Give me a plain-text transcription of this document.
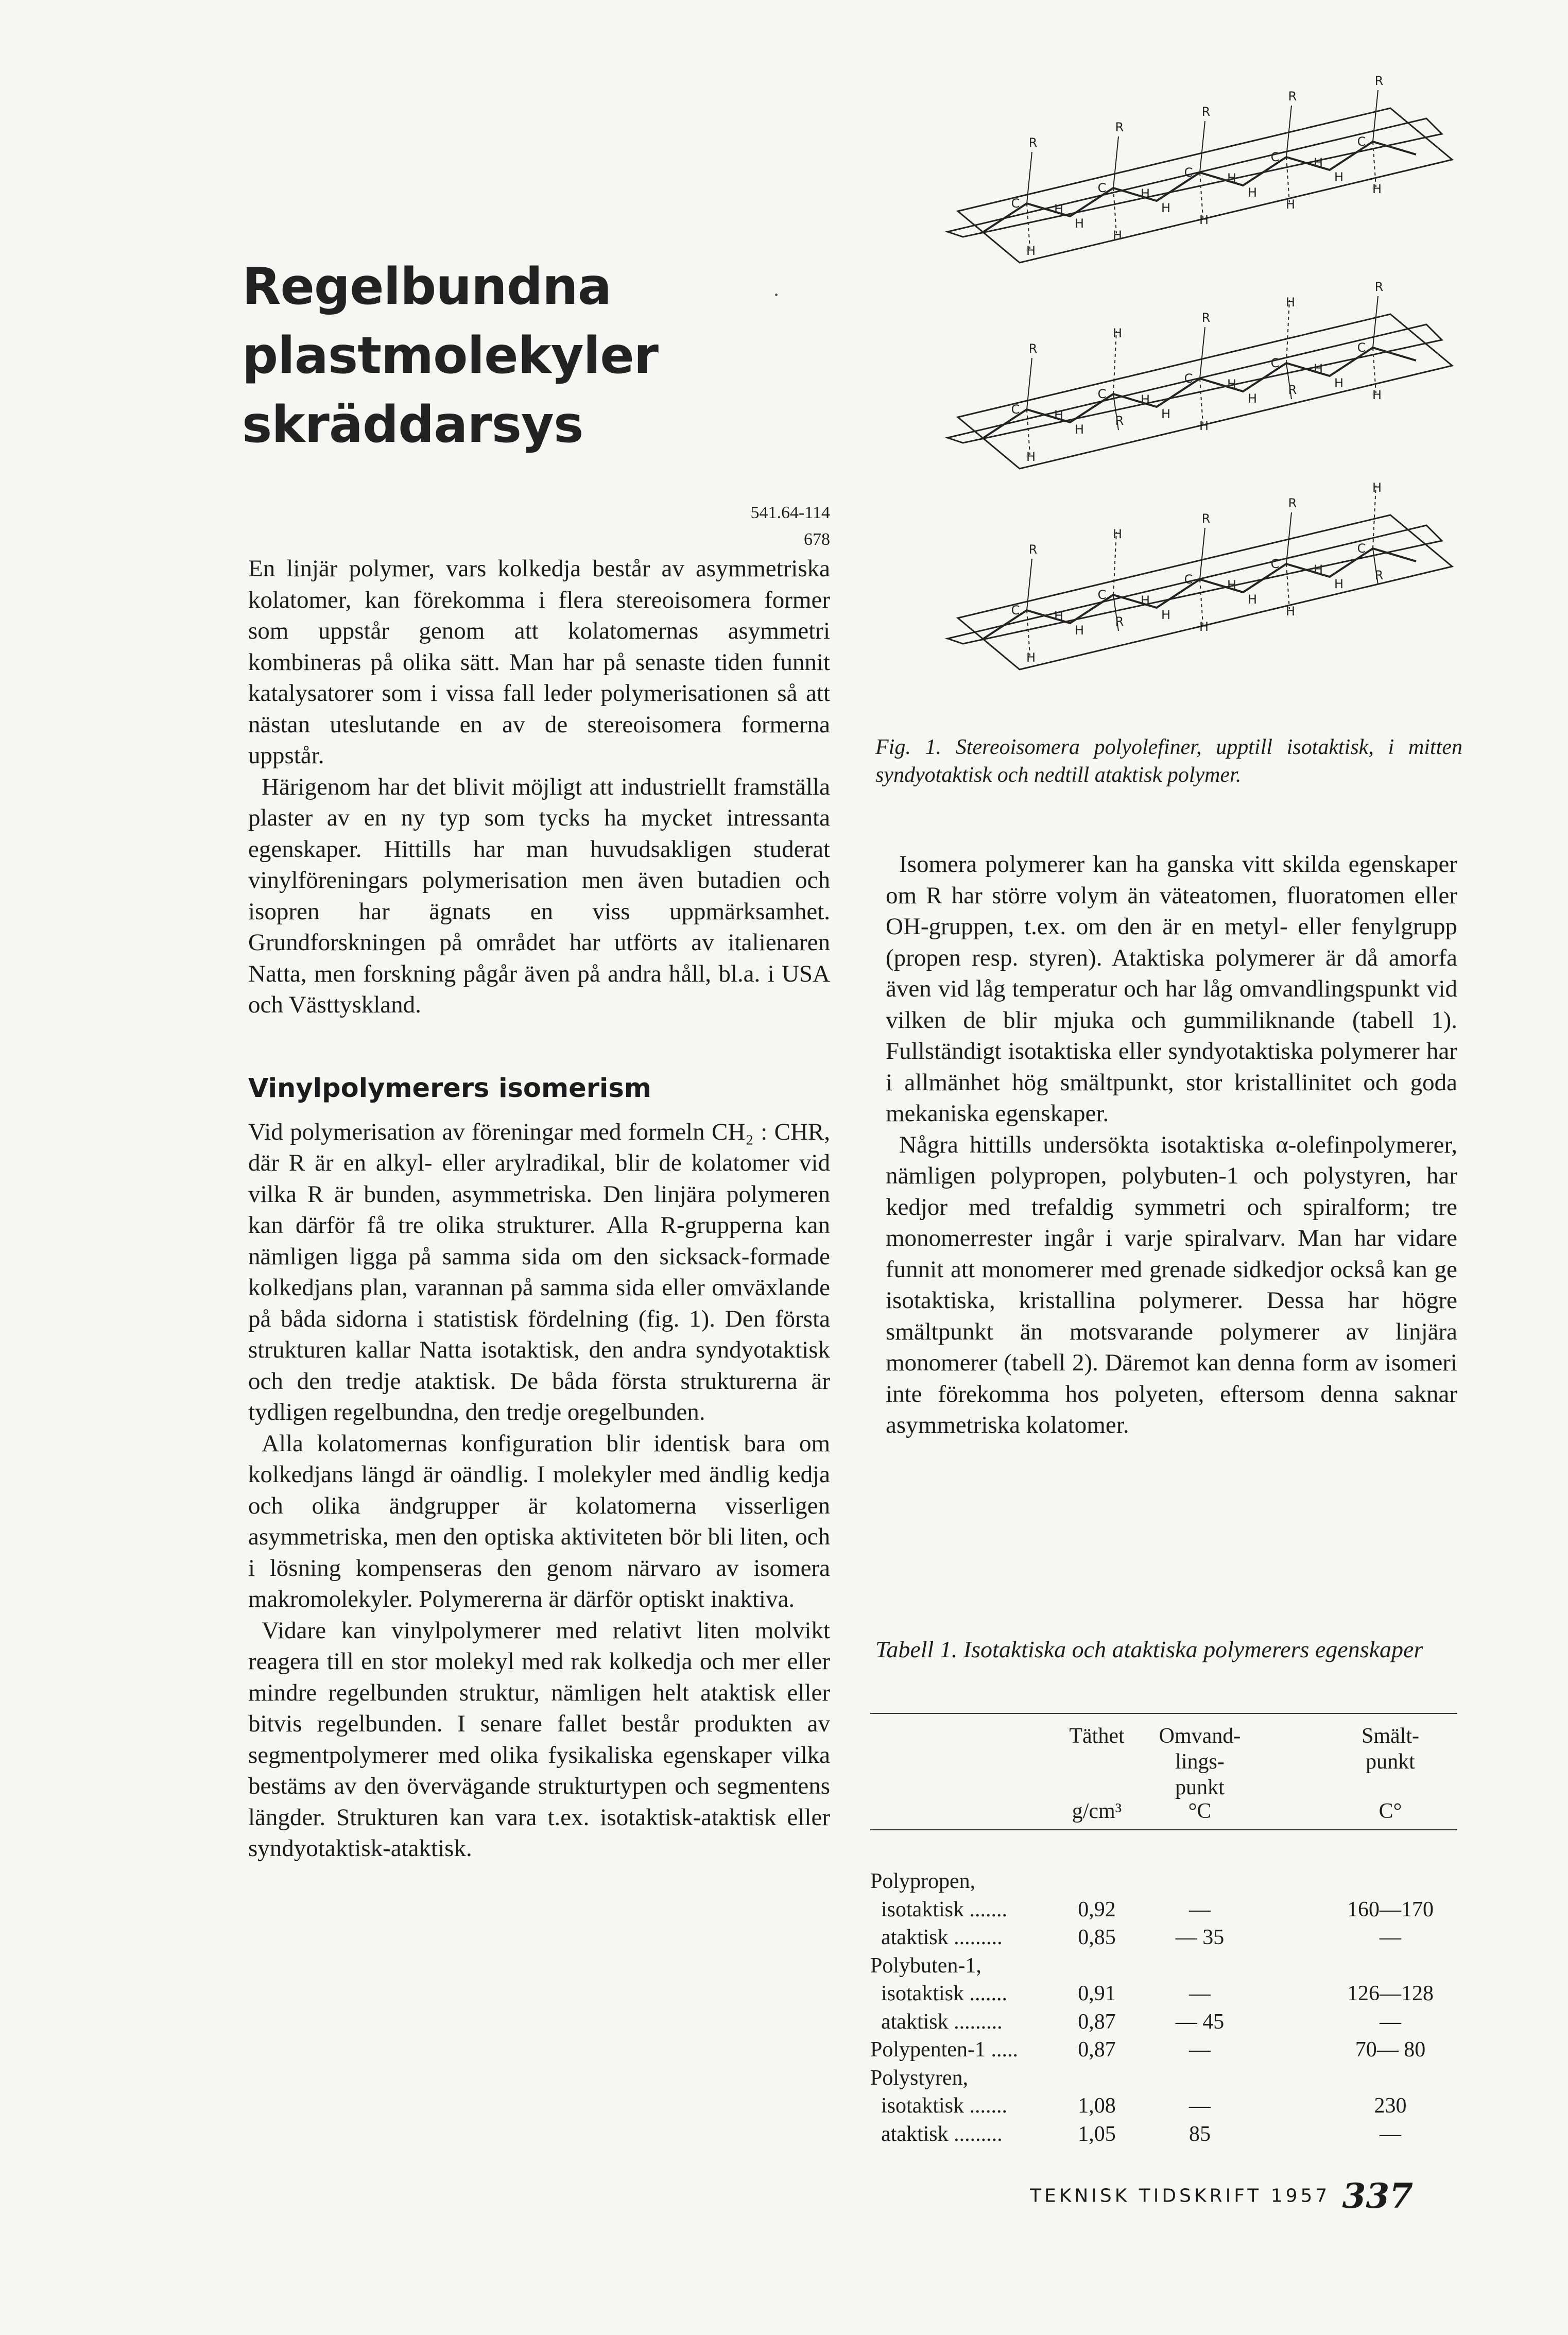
Regelbundna
plastmolekyler
skräddarsys
541.64-114
678

En linjär polymer, vars kolkedja består av asymmetriska kolatomer, kan förekomma i flera stereoisomera former som uppstår genom att kolatomernas asymmetri kombineras på olika sätt. Man har på senaste tiden funnit katalysatorer som i vissa fall leder polymerisationen så att nästan uteslutande en av de stereoisomera formerna uppstår.

Härigenom har det blivit möjligt att industriellt framställa plaster av en ny typ som tycks ha mycket intressanta egenskaper. Hittills har man huvudsakligen studerat vinylföreningars polymerisation men även butadien och isopren har ägnats en viss uppmärksamhet. Grundforskningen på området har utförts av italienaren Natta, men forskning pågår även på andra håll, bl.a. i USA och Västtyskland.

Vinylpolymerers isomerism

Vid polymerisation av föreningar med formeln CH₂ : CHR, där R är en alkyl- eller arylradikal, blir de kolatomer vid vilka R är bunden, asymmetriska. Den linjära polymeren kan därför få tre olika strukturer. Alla R-grupperna kan nämligen ligga på samma sida om den sicksack-formade kolkedjans plan, varannan på samma sida eller omväxlande på båda sidorna i statistisk fördelning (fig. 1). Den första strukturen kallar Natta isotaktisk, den andra syndyotaktisk och den tredje ataktisk. De båda första strukturerna är tydligen regelbundna, den tredje oregelbunden.

Alla kolatomernas konfiguration blir identisk bara om kolkedjans längd är oändlig. I molekyler med ändlig kedja och olika ändgrupper är kolatomerna visserligen asymmetriska, men den optiska aktiviteten bör bli liten, och i lösning kompenseras den genom närvaro av isomera makromolekyler. Polymererna är därför optiskt inaktiva.

Vidare kan vinylpolymerer med relativt liten molvikt reagera till en stor molekyl med rak kolkedja och mer eller mindre regelbunden struktur, nämligen helt ataktisk eller bitvis regelbunden. I senare fallet består produkten av segmentpolymerer med olika fysikaliska egenskaper vilka bestäms av den övervägande strukturtypen och segmentens längder. Strukturen kan vara t.ex. isotaktisk-ataktisk eller syndyotaktisk-ataktisk.

R
H
C	H
H
R
H
C	H
H
R
H
C	H
H
R
H
C	H
H
R
H
C
R
H
C	H
H
R
H
C	H
H
R
H
C	H
H
R
H
C	H
H
R
H
C
R
H
C	H
H
R
H
C	H
H
R
H
C	H
H
R
H
C	H
H
R
H
C
Fig. 1. Stereoisomera polyolefiner, upptill isotaktisk, i mitten syndyotaktisk och nedtill ataktisk polymer.

Isomera polymerer kan ha ganska vitt skilda egenskaper om R har större volym än väteatomen, fluoratomen eller OH-gruppen, t.ex. om den är en metyl- eller fenylgrupp (propen resp. styren). Ataktiska polymerer är då amorfa även vid låg temperatur och har låg omvandlingspunkt vid vilken de blir mjuka och gummiliknande (tabell 1). Fullständigt isotaktiska eller syndyotaktiska polymerer har i allmänhet hög smältpunkt, stor kristallinitet och goda mekaniska egenskaper.

Några hittills undersökta isotaktiska α-olefinpolymerer, nämligen polypropen, polybuten-1 och polystyren, har kedjor med trefaldig symmetri och spiralform; tre monomerrester ingår i varje spiralvarv. Man har vidare funnit att monomerer med grenade sidkedjor också kan ge isotaktiska, kristallina polymerer. Dessa har högre smältpunkt än motsvarande polymerer av linjära monomerer (tabell 2). Däremot kan denna form av isomeri inte förekomma hos polyeten, eftersom denna saknar asymmetriska kolatomer.

Tabell 1. Isotaktiska och ataktiska polymerers egenskaper
Täthet	Omvand-
lings-
punkt
Smält-
punkt
g/cm³	°C	C°
Polypropen,
isotaktisk .......	0,92	—	160—170
ataktisk .........	0,85	— 35	—
Polybuten-1,
isotaktisk .......	0,91	—	126—128
ataktisk .........	0,87	— 45	—
Polypenten-1 .....	0,87	—	70— 80
Polystyren,
isotaktisk .......	1,08	—	230
ataktisk .........	1,05	85	—
TEKNISK TIDSKRIFT 1957 337
